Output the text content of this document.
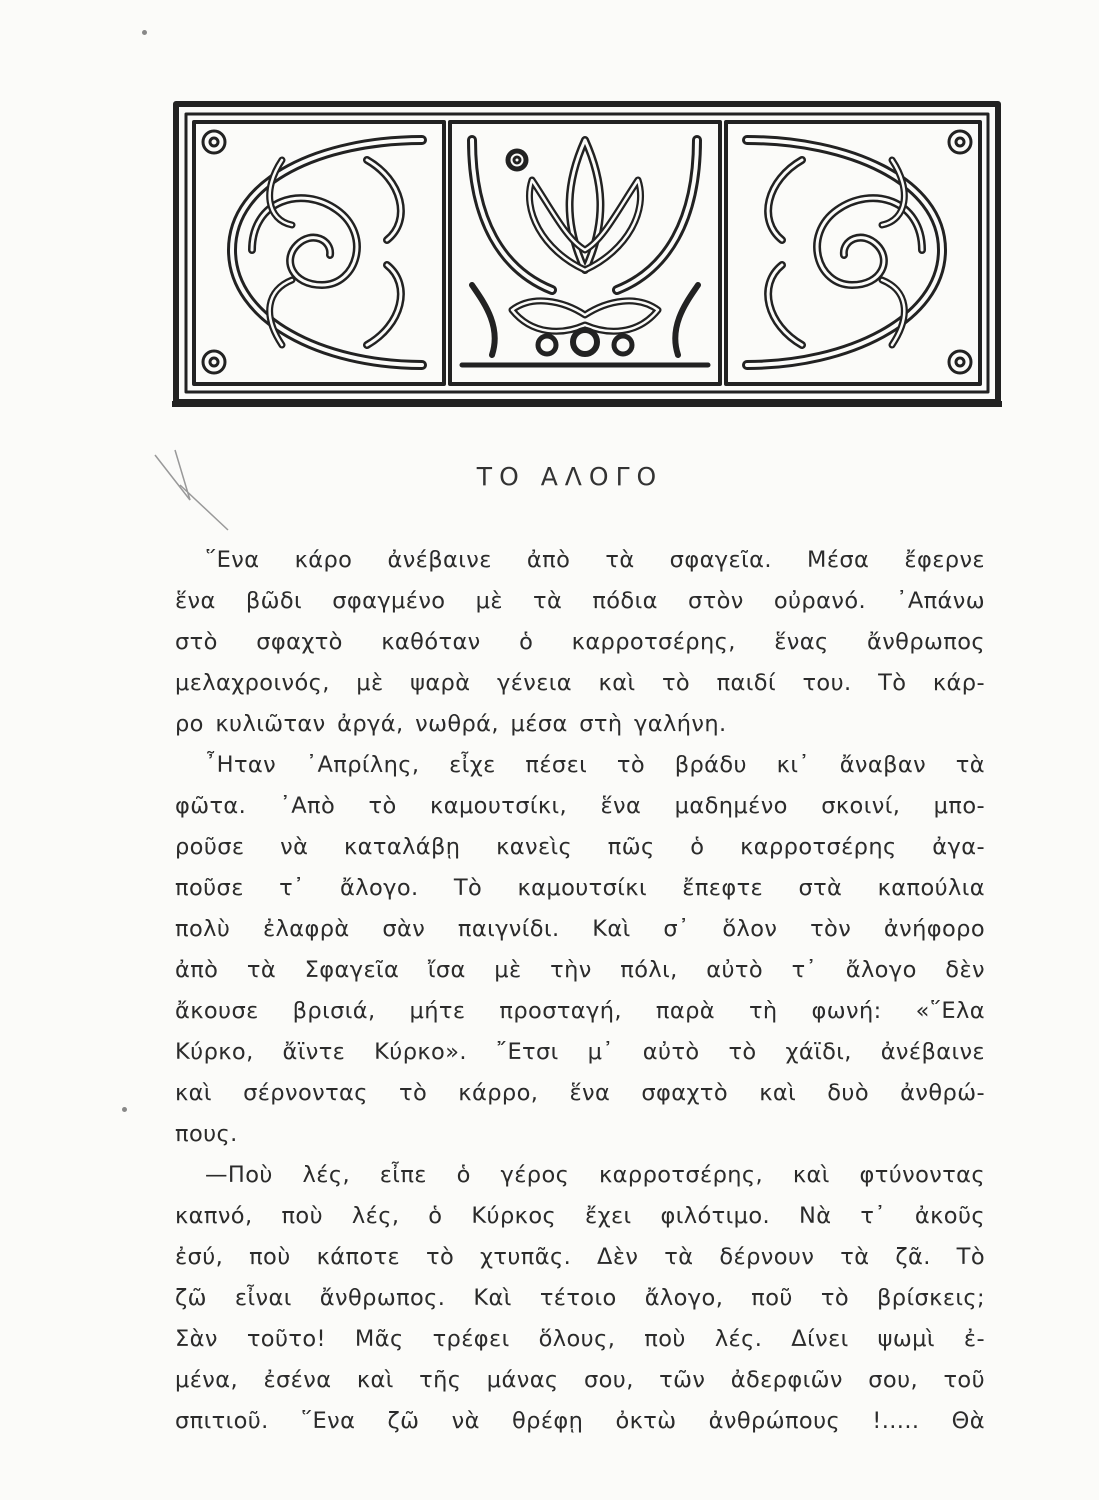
ΤΟ ΑΛΟΓΟ
῞Ενα κάρο ἀνέβαινε ἀπὸ τὰ σφαγεῖα. Μέσα ἔφερνε
ἕνα βῶδι σφαγμένο μὲ τὰ πόδια στὸν οὐρανό. ᾿Απάνω
στὸ σφαχτὸ καθόταν ὁ καρροτσέρης, ἕνας ἄνθρωπος
μελαχροινός, μὲ ψαρὰ γένεια καὶ τὸ παιδί του. Τὸ κάρ-
ρο κυλιῶταν ἀργά, νωθρά, μέσα στὴ γαλήνη.
῏Ηταν ᾿Απρίλης, εἶχε πέσει τὸ βράδυ κι᾿ ἄναβαν τὰ
φῶτα. ᾿Απὸ τὸ καμουτσίκι, ἕνα μαδημένο σκοινί, μπο-
ροῦσε νὰ καταλάβῃ κανεὶς πῶς ὁ καρροτσέρης ἀγα-
ποῦσε τ᾿ ἄλογο. Τὸ καμουτσίκι ἔπεφτε στὰ καπούλια
πολὺ ἐλαφρὰ σὰν παιγνίδι. Καὶ σ᾿ ὅλον τὸν ἀνήφορο
ἀπὸ τὰ Σφαγεῖα ἴσα μὲ τὴν πόλι, αὐτὸ τ᾿ ἄλογο δὲν
ἄκουσε βρισιά, μήτε προσταγή, παρὰ τὴ φωνή: «῞Ελα
Κύρκο, ἄϊντε Κύρκο». ῎Ετσι μ᾿ αὐτὸ τὸ χάϊδι, ἀνέβαινε
καὶ σέρνοντας τὸ κάρρο, ἕνα σφαχτὸ καὶ δυὸ ἀνθρώ-
πους.
—Ποὺ λές, εἶπε ὁ γέρος καρροτσέρης, καὶ φτύνοντας
καπνό, ποὺ λές, ὁ Κύρκος ἔχει φιλότιμο. Νὰ τ᾿ ἀκοῦς
ἐσύ, ποὺ κάποτε τὸ χτυπᾶς. Δὲν τὰ δέρνουν τὰ ζᾶ. Τὸ
ζῶ εἶναι ἄνθρωπος. Καὶ τέτοιο ἄλογο, ποῦ τὸ βρίσκεις;
Σὰν τοῦτο! Μᾶς τρέφει ὅλους, ποὺ λές. Δίνει ψωμὶ ἐ-
μένα, ἐσένα καὶ τῆς μάνας σου, τῶν ἀδερφιῶν σου, τοῦ
σπιτιοῦ. ῞Ενα ζῶ νὰ θρέφῃ ὀκτὼ ἀνθρώπους !..... Θὰ
